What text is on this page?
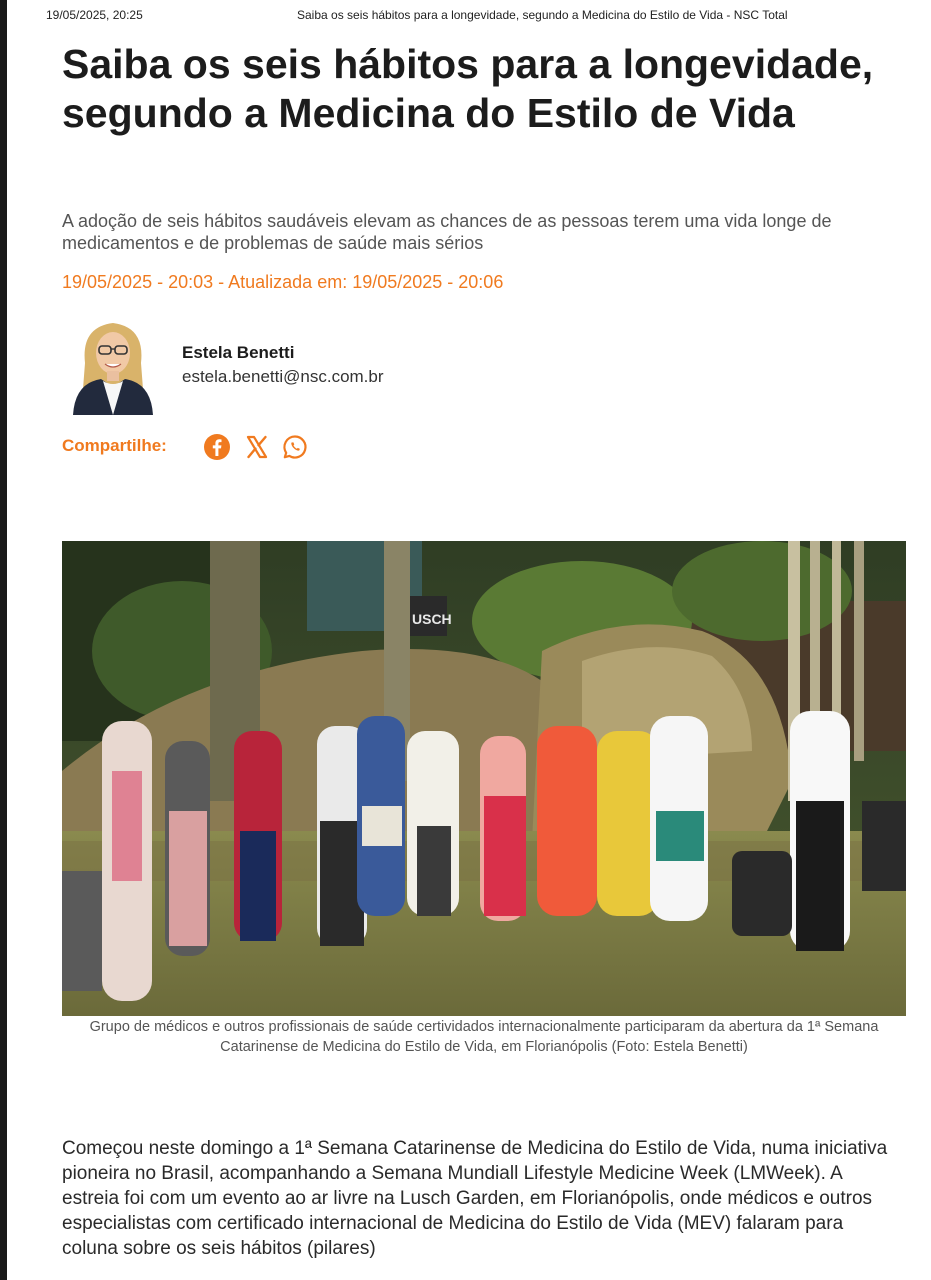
19/05/2025, 20:25	Saiba os seis hábitos para a longevidade, segundo a Medicina do Estilo de Vida - NSC Total
Saiba os seis hábitos para a longevidade, segundo a Medicina do Estilo de Vida

A adoção de seis hábitos saudáveis elevam as chances de as pessoas terem uma vida longe de medicamentos e de problemas de saúde mais sérios

19/05/2025 - 20:03 - Atualizada em: 19/05/2025 - 20:06
Estela Benetti
estela.benetti@nsc.com.br
Compartilhe:
USCH

Grupo de médicos e outros profissionais de saúde certividados internacionalmente participaram da abertura da 1ª Semana Catarinense de Medicina do Estilo de Vida, em Florianópolis (Foto: Estela Benetti)

Começou neste domingo a 1ª Semana Catarinense de Medicina do Estilo de Vida, numa iniciativa pioneira no Brasil, acompanhando a Semana Mundiall Lifestyle Medicine Week (LMWeek). A estreia foi com um evento ao ar livre na Lusch Garden, em Florianópolis, onde médicos e outros especialistas com certificado internacional de Medicina do Estilo de Vida (MEV) falaram para coluna sobre os seis hábitos (pilares)
